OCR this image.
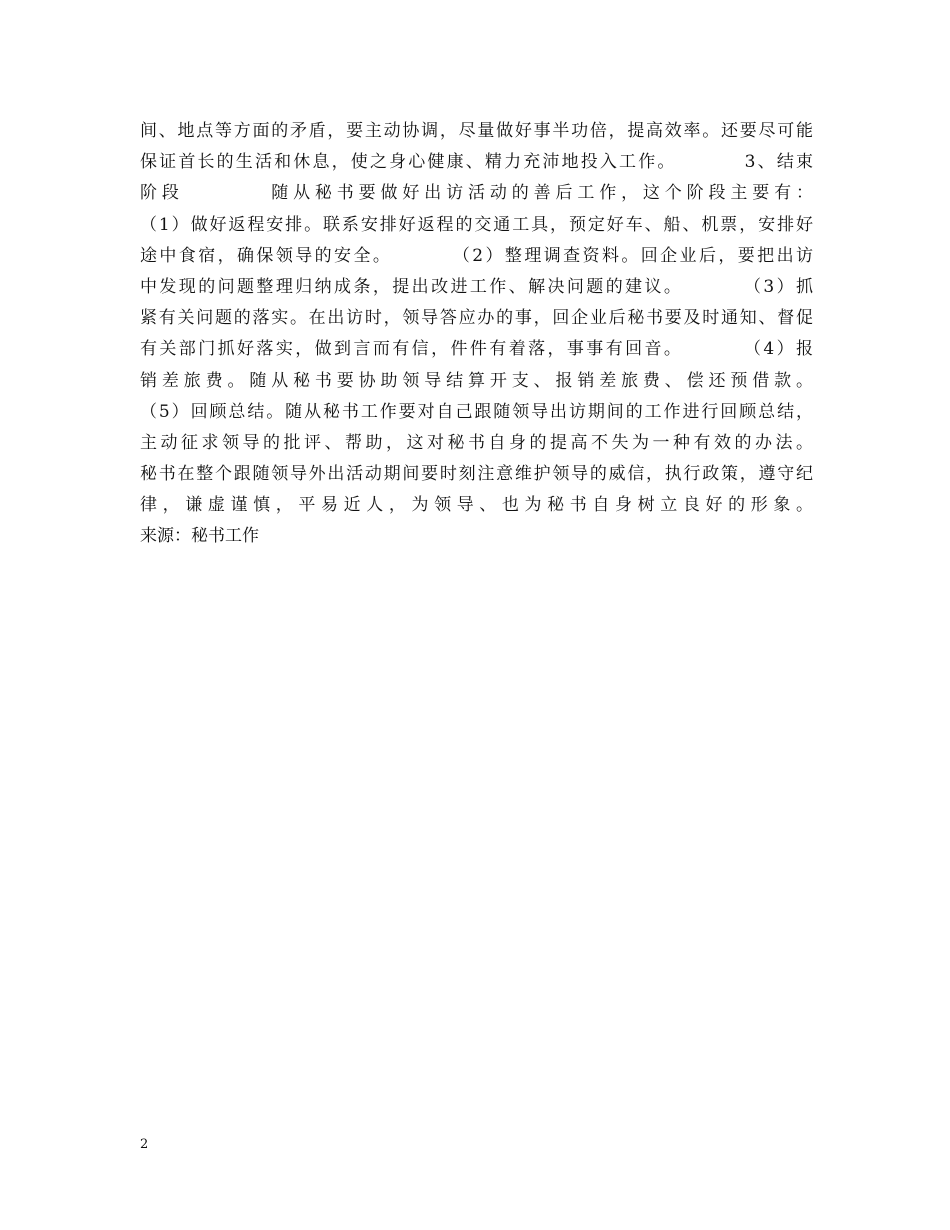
间、地点等方面的矛盾，要主动协调，尽量做好事半功倍，提高效率。还要尽可能
保证首长的生活和休息，使之身心健康、精力充沛地投入工作。　　　　3、结束
阶段　　　　随从秘书要做好出访活动的善后工作，这个阶段主要有：
（1）做好返程安排。联系安排好返程的交通工具，预定好车、船、机票，安排好
途中食宿，确保领导的安全。　　　　（2）整理调查资料。回企业后，要把出访
中发现的问题整理归纳成条，提出改进工作、解决问题的建议。　　　　（3）抓
紧有关问题的落实。在出访时，领导答应办的事，回企业后秘书要及时通知、督促
有关部门抓好落实，做到言而有信，件件有着落，事事有回音。　　　　（4）报
销差旅费。随从秘书要协助领导结算开支、报销差旅费、偿还预借款。
（5）回顾总结。随从秘书工作要对自己跟随领导出访期间的工作进行回顾总结，
主动征求领导的批评、帮助，这对秘书自身的提高不失为一种有效的办法。
秘书在整个跟随领导外出活动期间要时刻注意维护领导的威信，执行政策，遵守纪
律，谦虚谨慎，平易近人，为领导、也为秘书自身树立良好的形象。
来源：秘书工作
2
